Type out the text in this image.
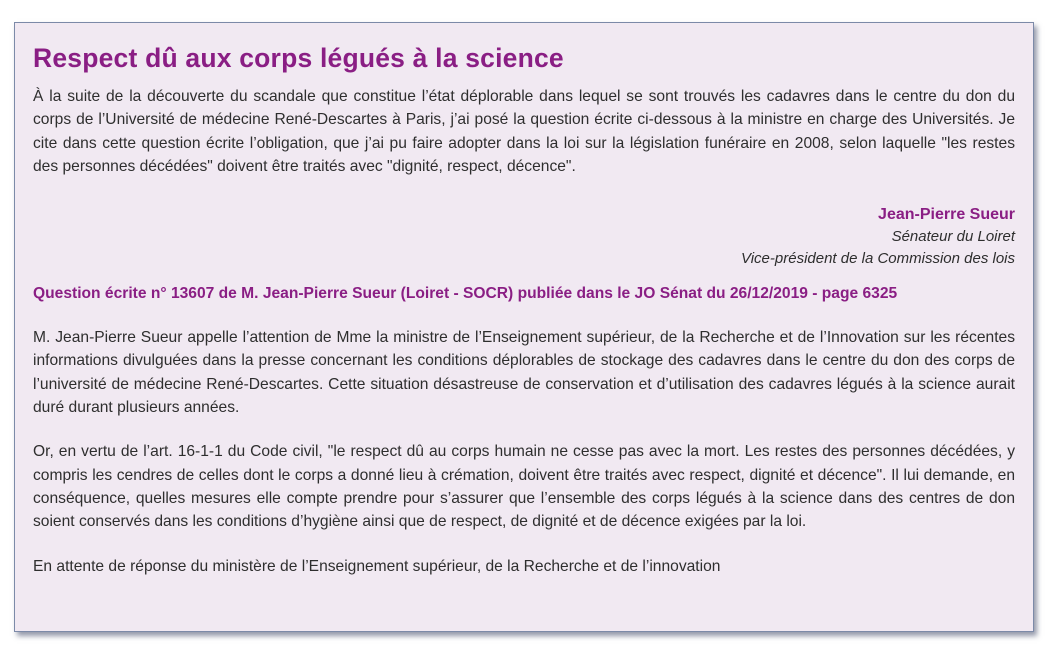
Respect dû aux corps légués à la science

À la suite de la découverte du scandale que constitue l’état déplorable dans lequel se sont trouvés les cadavres dans le centre du don du corps de l’Université de médecine René-Descartes à Paris, j’ai posé la question écrite ci-dessous à la ministre en charge des Universités. Je cite dans cette question écrite l’obligation, que j’ai pu faire adopter dans la loi sur la législation funéraire en 2008, selon laquelle "les restes des personnes décédées" doivent être traités avec "dignité, respect, décence".

Jean-Pierre Sueur
Sénateur du Loiret
Vice-président de la Commission des lois

Question écrite n° 13607 de M. Jean-Pierre Sueur (Loiret - SOCR) publiée dans le JO Sénat du 26/12/2019 - page 6325

M. Jean-Pierre Sueur appelle l’attention de Mme la ministre de l’Enseignement supérieur, de la Recherche et de l’Innovation sur les récentes informations divulguées dans la presse concernant les conditions déplorables de stockage des cadavres dans le centre du don des corps de l’université de médecine René-Descartes. Cette situation désastreuse de conservation et d’utilisation des cadavres légués à la science aurait duré durant plusieurs années.

Or, en vertu de l’art. 16-1-1 du Code civil, "le respect dû au corps humain ne cesse pas avec la mort. Les restes des personnes décédées, y compris les cendres de celles dont le corps a donné lieu à crémation, doivent être traités avec respect, dignité et décence". Il lui demande, en conséquence, quelles mesures elle compte prendre pour s’assurer que l’ensemble des corps légués à la science dans des centres de don soient conservés dans les conditions d’hygiène ainsi que de respect, de dignité et de décence exigées par la loi.

En attente de réponse du ministère de l’Enseignement supérieur, de la Recherche et de l’innovation
